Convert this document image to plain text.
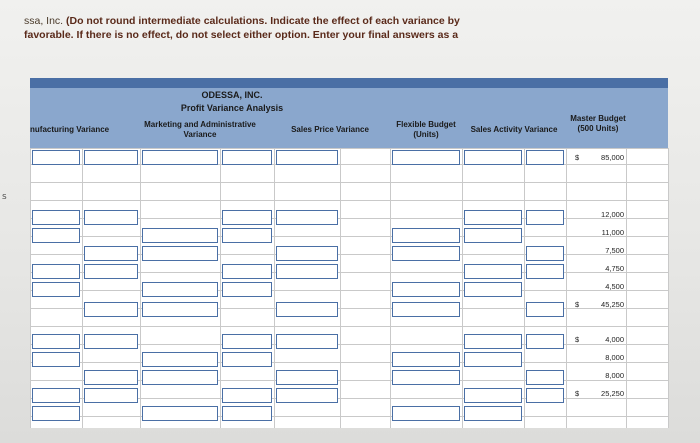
ssa, Inc. (Do not round intermediate calculations. Indicate the effect of each variance by
favorable. If there is no effect, do not select either option. Enter your final answers as a
s
ODESSA, INC.
Profit Variance Analysis
nufacturing Variance
Marketing and Administrative Variance
Sales Price Variance
Flexible Budget (Units)
Sales Activity Variance
Master Budget (500 Units)
$	85,000
12,000
11,000
7,500
4,750
4,500
$	45,250
$	4,000
8,000
8,000
$	25,250
